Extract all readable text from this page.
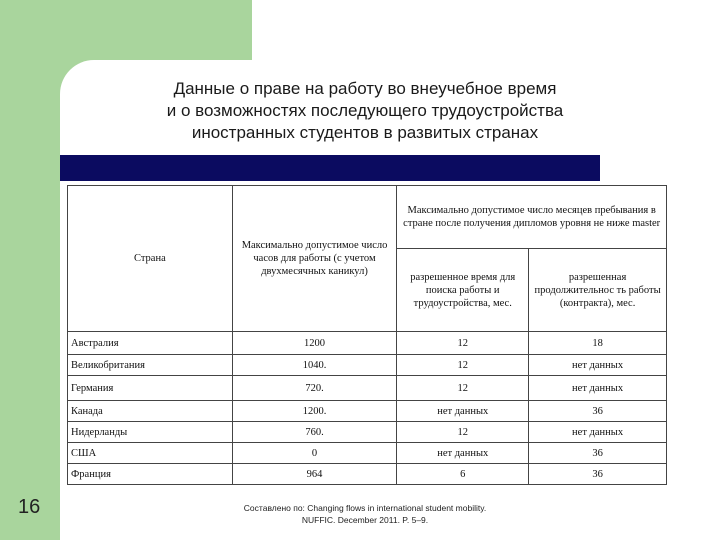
Данные о праве на работу во внеучебное время
и о возможностях последующего трудоустройства
иностранных студентов в развитых странах
Страна	Максимально допустимое число часов для работы (с учетом двухмесячных каникул)	Максимально допустимое число месяцев пребывания в стране после получения дипломов уровня не ниже master	
		разрешенное время для поиска работы и трудоустройства, мес.	разрешенная продолжительнос ть работы (контракта), мес.
Австралия	1200	12	18
Великобритания	1040.	12	нет данных
Германия	720.	12	нет данных
Канада	1200.	нет данных	36
Нидерланды	760.	12	нет данных
США	0	нет данных	36
Франция	964	6	36
Составлено по: Changing flows in international student mobility.
NUFFIC. December 2011. P. 5–9.
16
